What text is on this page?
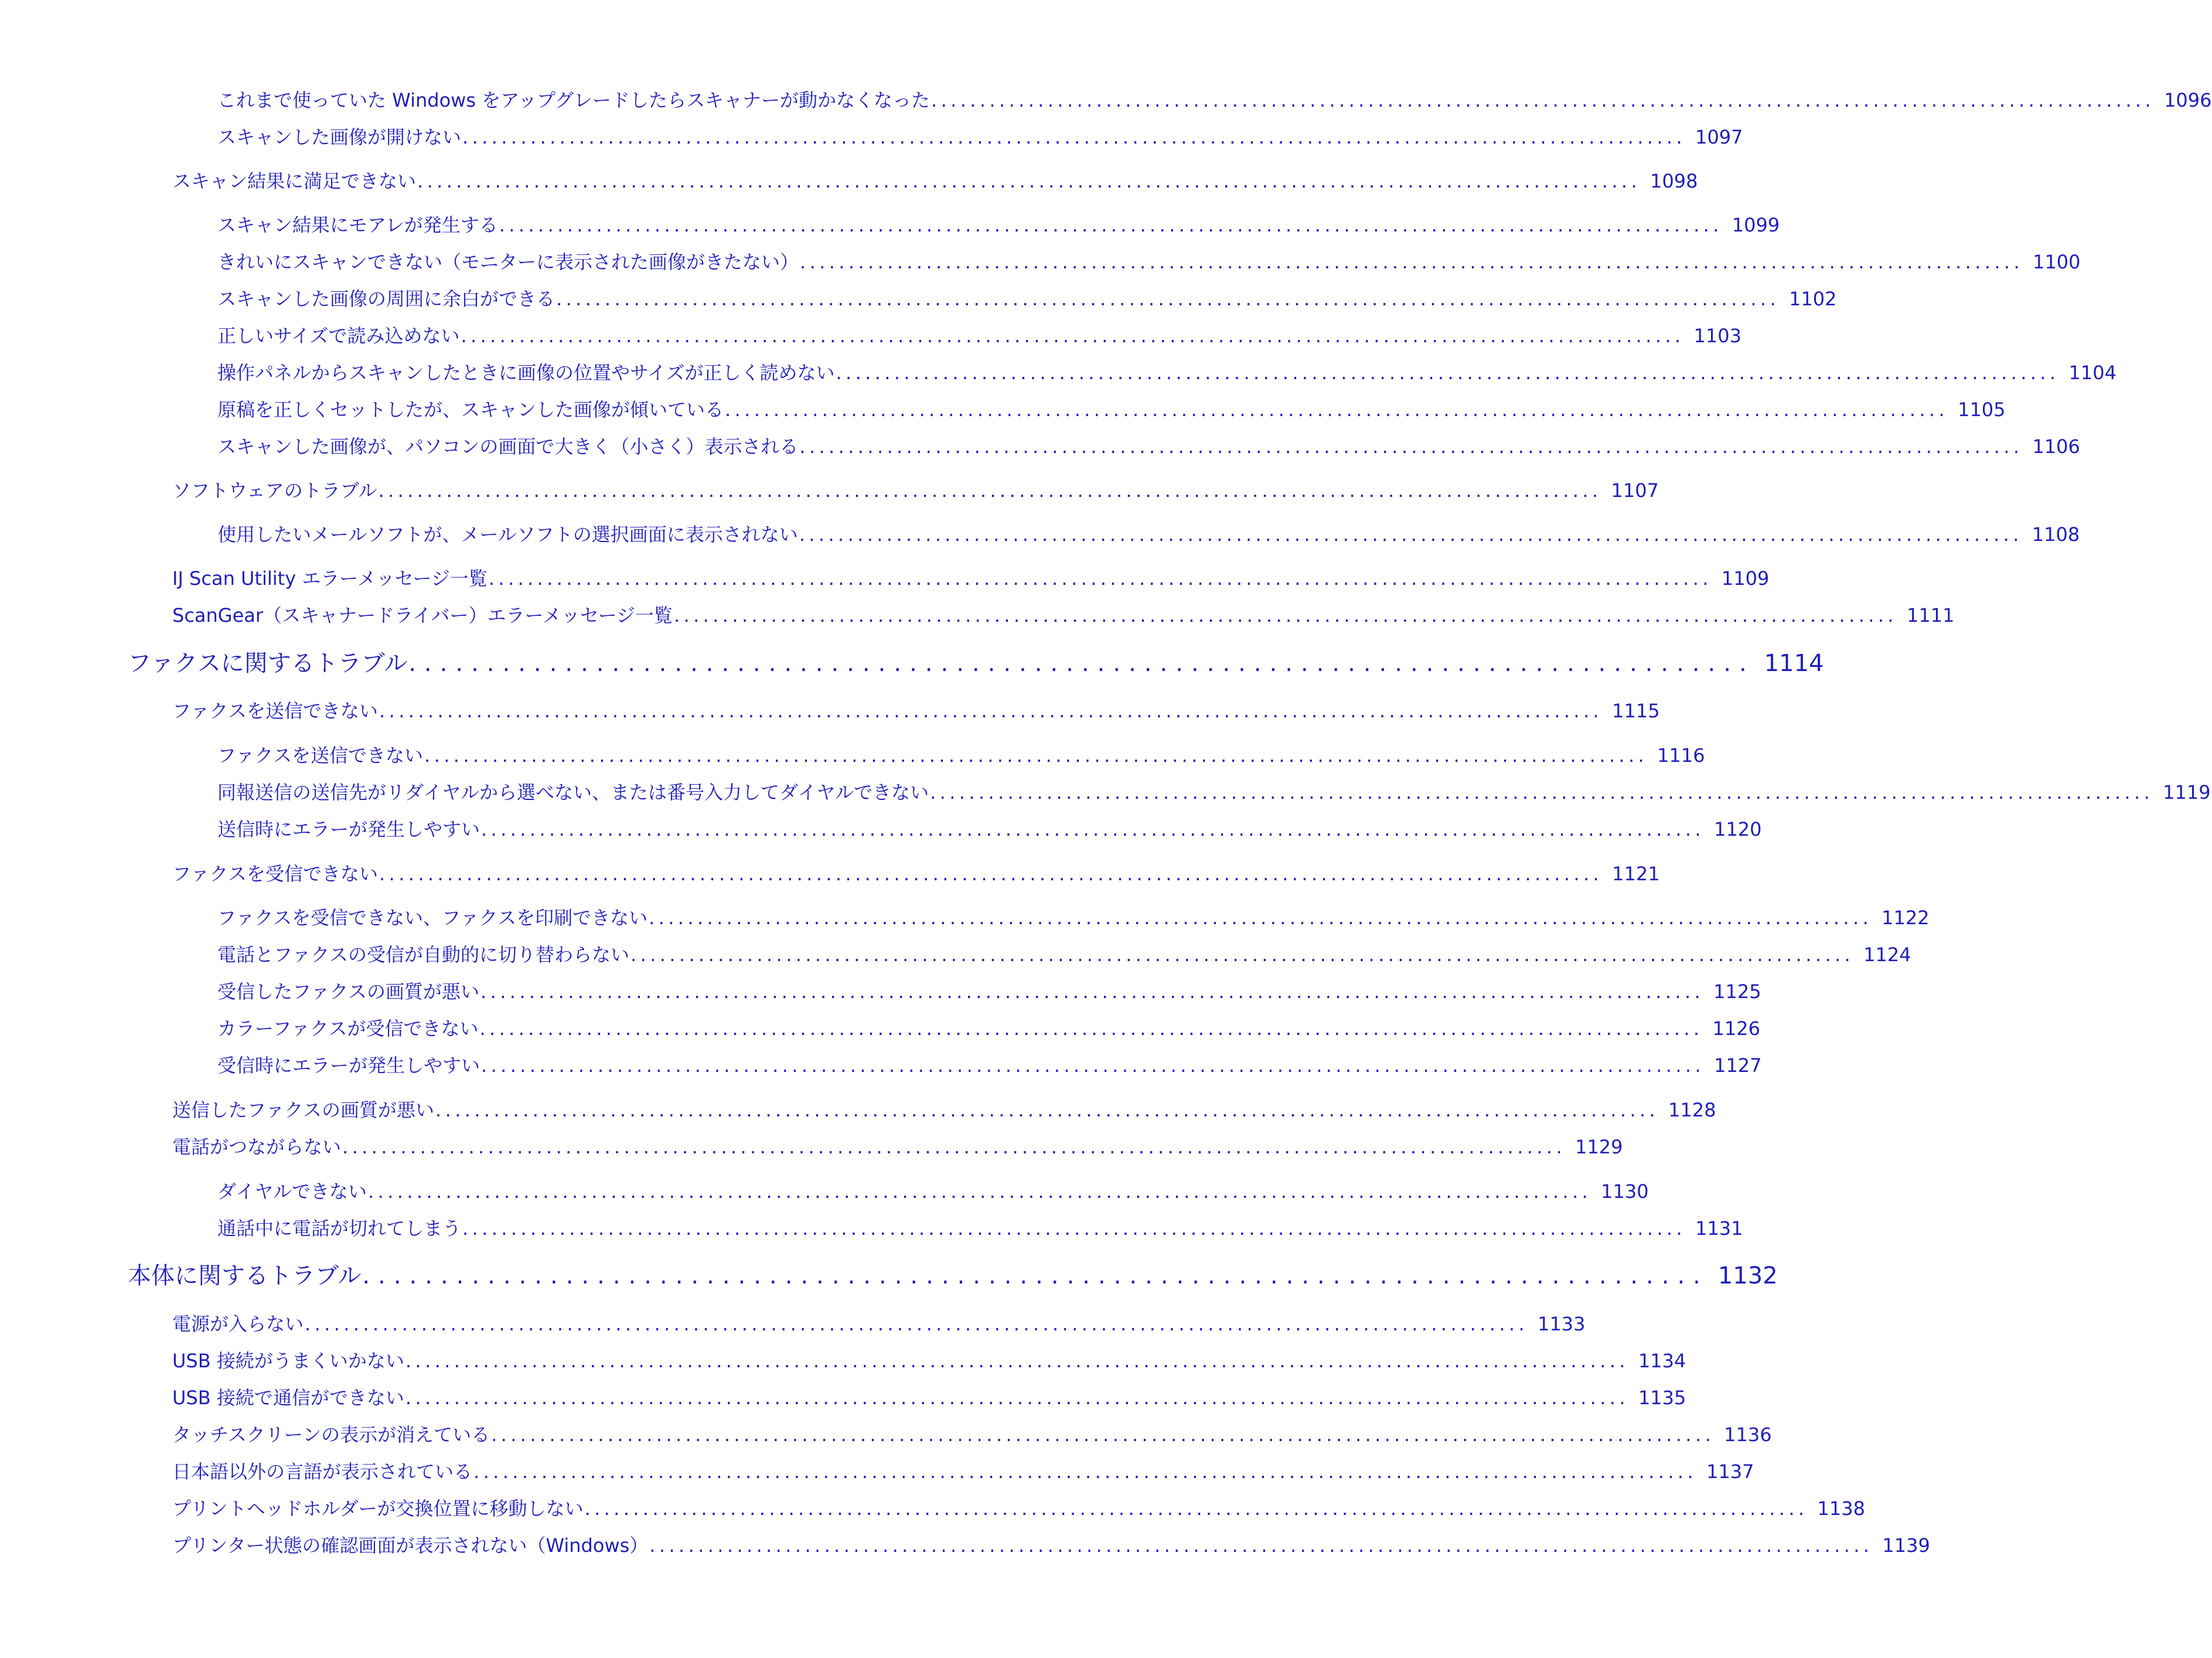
これまで使っていた Windows をアップグレードしたらスキャナーが動かなくなった .............................................................................................................................. 1096
スキャンした画像が開けない .............................................................................................................................. 1097
スキャン結果に満足できない .............................................................................................................................. 1098
スキャン結果にモアレが発生する .............................................................................................................................. 1099
きれいにスキャンできない（モニターに表示された画像がきたない） .............................................................................................................................. 1100
スキャンした画像の周囲に余白ができる .............................................................................................................................. 1102
正しいサイズで読み込めない .............................................................................................................................. 1103
操作パネルからスキャンしたときに画像の位置やサイズが正しく読めない .............................................................................................................................. 1104
原稿を正しくセットしたが、スキャンした画像が傾いている .............................................................................................................................. 1105
スキャンした画像が、パソコンの画面で大きく（小さく）表示される .............................................................................................................................. 1106
ソフトウェアのトラブル .............................................................................................................................. 1107
使用したいメールソフトが、メールソフトの選択画面に表示されない .............................................................................................................................. 1108
IJ Scan Utility エラーメッセージ一覧 .............................................................................................................................. 1109
ScanGear（スキャナードライバー）エラーメッセージ一覧 .............................................................................................................................. 1111
ファクスに関するトラブル ...................................................................................... 1114
ファクスを送信できない .............................................................................................................................. 1115
ファクスを送信できない .............................................................................................................................. 1116
同報送信の送信先がリダイヤルから選べない、または番号入力してダイヤルできない .............................................................................................................................. 1119
送信時にエラーが発生しやすい .............................................................................................................................. 1120
ファクスを受信できない .............................................................................................................................. 1121
ファクスを受信できない、ファクスを印刷できない .............................................................................................................................. 1122
電話とファクスの受信が自動的に切り替わらない .............................................................................................................................. 1124
受信したファクスの画質が悪い .............................................................................................................................. 1125
カラーファクスが受信できない .............................................................................................................................. 1126
受信時にエラーが発生しやすい .............................................................................................................................. 1127
送信したファクスの画質が悪い .............................................................................................................................. 1128
電話がつながらない .............................................................................................................................. 1129
ダイヤルできない .............................................................................................................................. 1130
通話中に電話が切れてしまう .............................................................................................................................. 1131
本体に関するトラブル ...................................................................................... 1132
電源が入らない .............................................................................................................................. 1133
USB 接続がうまくいかない .............................................................................................................................. 1134
USB 接続で通信ができない .............................................................................................................................. 1135
タッチスクリーンの表示が消えている .............................................................................................................................. 1136
日本語以外の言語が表示されている .............................................................................................................................. 1137
プリントヘッドホルダーが交換位置に移動しない .............................................................................................................................. 1138
プリンター状態の確認画面が表示されない（Windows） .............................................................................................................................. 1139
